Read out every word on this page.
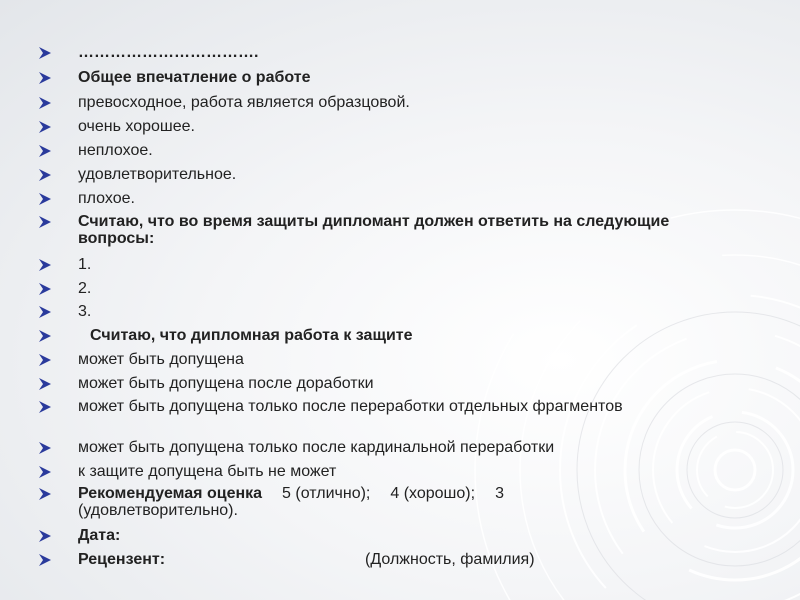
…………………………….
Общее впечатление о работе
превосходное, работа является образцовой.
очень хорошее.
неплохое.
удовлетворительное.
плохое.
Считаю, что во время защиты дипломант должен ответить на следующие вопросы:
1.
2.
3.
Считаю, что дипломная работа к защите
может быть допущена
может быть допущена после доработки
может быть допущена только после переработки отдельных фрагментов
может быть допущена только после кардинальной переработки
к защите допущена быть не может
Рекомендуемая оценка 5 (отлично); 4 (хорошо); 3 (удовлетворительно).
Дата:
Рецензент:	(Должность, фамилия)
